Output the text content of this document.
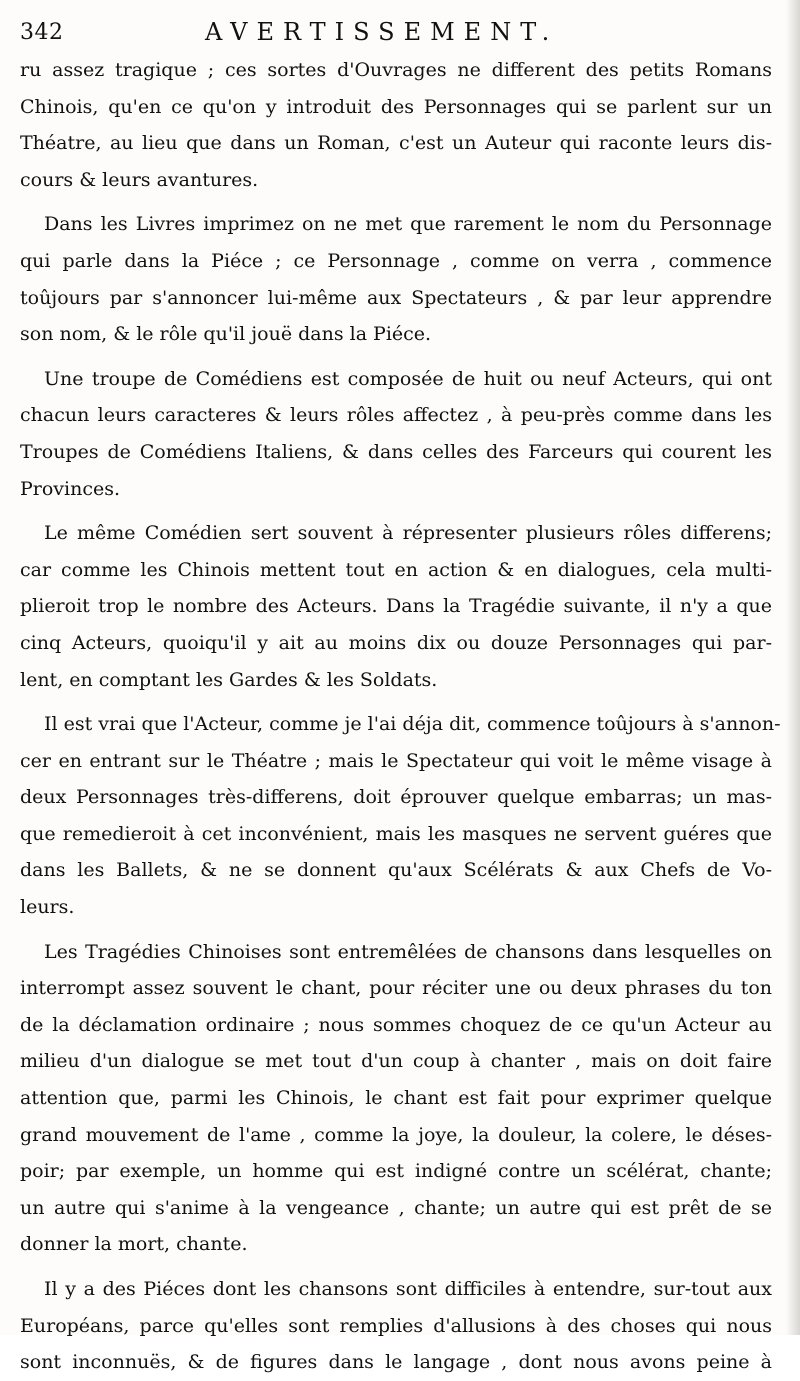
342	AVERTISSEMENT.
ru assez tragique ; ces sortes d'Ouvrages ne different des petits Romans
Chinois, qu'en ce qu'on y introduit des Personnages qui se parlent sur un
Théatre, au lieu que dans un Roman, c'est un Auteur qui raconte leurs dis-
cours & leurs avantures.
Dans les Livres imprimez on ne met que rarement le nom du Personnage
qui parle dans la Piéce ; ce Personnage , comme on verra , commence
toûjours par s'annoncer lui-même aux Spectateurs , & par leur apprendre
son nom, & le rôle qu'il jouë dans la Piéce.
Une troupe de Comédiens est composée de huit ou neuf Acteurs, qui ont
chacun leurs caracteres & leurs rôles affectez , à peu-près comme dans les
Troupes de Comédiens Italiens, & dans celles des Farceurs qui courent les
Provinces.
Le même Comédien sert souvent à répresenter plusieurs rôles differens;
car comme les Chinois mettent tout en action & en dialogues, cela multi-
plieroit trop le nombre des Acteurs. Dans la Tragédie suivante, il n'y a que
cinq Acteurs, quoiqu'il y ait au moins dix ou douze Personnages qui par-
lent, en comptant les Gardes & les Soldats.
Il est vrai que l'Acteur, comme je l'ai déja dit, commence toûjours à s'annon-
cer en entrant sur le Théatre ; mais le Spectateur qui voit le même visage à
deux Personnages très-differens, doit éprouver quelque embarras; un mas-
que remedieroit à cet inconvénient, mais les masques ne servent guéres que
dans les Ballets, & ne se donnent qu'aux Scélérats & aux Chefs de Vo-
leurs.
Les Tragédies Chinoises sont entremêlées de chansons dans lesquelles on
interrompt assez souvent le chant, pour réciter une ou deux phrases du ton
de la déclamation ordinaire ; nous sommes choquez de ce qu'un Acteur au
milieu d'un dialogue se met tout d'un coup à chanter , mais on doit faire
attention que, parmi les Chinois, le chant est fait pour exprimer quelque
grand mouvement de l'ame , comme la joye, la douleur, la colere, le déses-
poir; par exemple, un homme qui est indigné contre un scélérat, chante;
un autre qui s'anime à la vengeance , chante; un autre qui est prêt de se
donner la mort, chante.
Il y a des Piéces dont les chansons sont difficiles à entendre, sur-tout aux
Européans, parce qu'elles sont remplies d'allusions à des choses qui nous
sont inconnuës, & de figures dans le langage , dont nous avons peine à
